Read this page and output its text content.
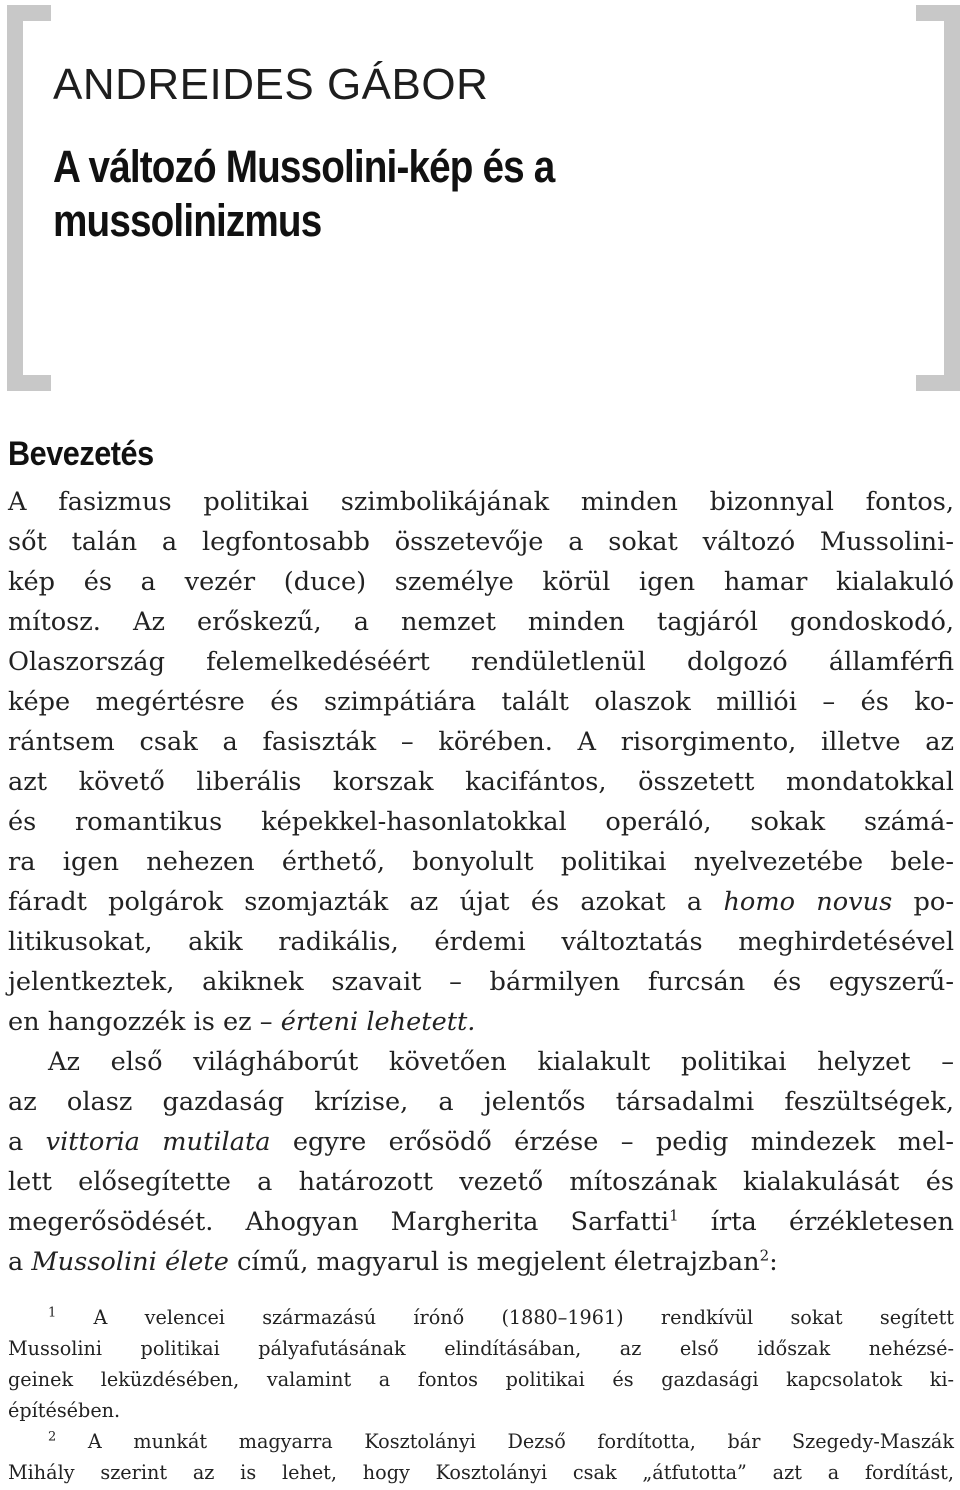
ANDREIDES GÁBOR
A változó Mussolini-kép és a
mussolinizmus
Bevezetés
A fasizmus politikai szimbolikájának minden bizonnyal fontos,
sőt talán a legfontosabb összetevője a sokat változó Mussolini-
kép és a vezér (duce) személye körül igen hamar kialakuló
mítosz. Az erőskezű, a nemzet minden tagjáról gondoskodó,
Olaszország felemelkedéséért rendületlenül dolgozó államférfi
képe megértésre és szimpátiára talált olaszok milliói – és ko-
rántsem csak a fasiszták – körében. A risorgimento, illetve az
azt követő liberális korszak kacifántos, összetett mondatokkal
és romantikus képekkel-hasonlatokkal operáló, sokak számá-
ra igen nehezen érthető, bonyolult politikai nyelvezetébe bele-
fáradt polgárok szomjazták az újat és azokat a homo novus po-
litikusokat, akik radikális, érdemi változtatás meghirdetésével
jelentkeztek, akiknek szavait – bármilyen furcsán és egyszerű-
en hangozzék is ez – érteni lehetett.
Az első világháborút követően kialakult politikai helyzet –
az olasz gazdaság krízise, a jelentős társadalmi feszültségek,
a vittoria mutilata egyre erősödő érzése – pedig mindezek mel-
lett elősegítette a határozott vezető mítoszának kialakulását és
megerősödését. Ahogyan Margherita Sarfatti$^1$ írta érzékletesen
a Mussolini élete című, magyarul is megjelent életrajzban$^2$:
$^1$ A velencei származású írónő (1880–1961) rendkívül sokat segített
Mussolini politikai pályafutásának elindításában, az első időszak nehézsé-
geinek leküzdésében, valamint a fontos politikai és gazdasági kapcsolatok ki-
építésében.
$^2$ A munkát magyarra Kosztolányi Dezső fordította, bár Szegedy-Maszák
Mihály szerint az is lehet, hogy Kosztolányi csak „átfutotta” azt a fordítást,
